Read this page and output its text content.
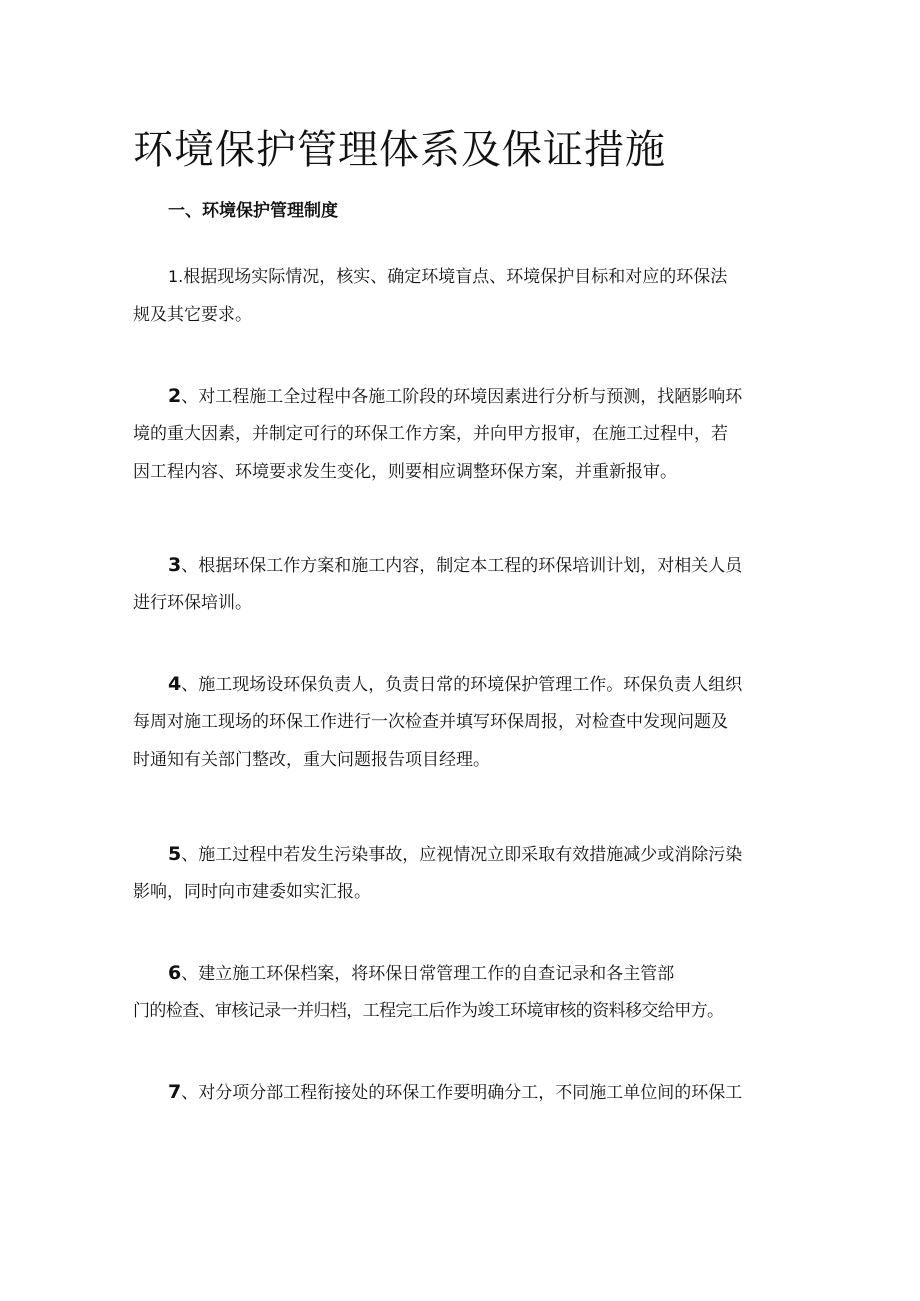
环境保护管理体系及保证措施
一、环境保护管理制度
1.根据现场实际情况，核实、确定环境盲点、环境保护目标和对应的环保法
规及其它要求。
2、对工程施工全过程中各施工阶段的环境因素进行分析与预测，找陋影响环
境的重大因素，并制定可行的环保工作方案，并向甲方报审，在施工过程中，若
因工程内容、环境要求发生变化，则要相应调整环保方案，并重新报审。
3、根据环保工作方案和施工内容，制定本工程的环保培训计划，对相关人员
进行环保培训。
4、施工现场设环保负责人，负责日常的环境保护管理工作。环保负责人组织
每周对施工现场的环保工作进行一次检查并填写环保周报，对检查中发现问题及
时通知有关部门整改，重大问题报告项目经理。
5、施工过程中若发生污染事故，应视情况立即采取有效措施减少或消除污染
影响，同时向市建委如实汇报。
6、建立施工环保档案，将环保日常管理工作的自查记录和各主管部
门的检查、审核记录一并归档，工程完工后作为竣工环境审核的资料移交给甲方。
7、对分项分部工程衔接处的环保工作要明确分工，不同施工单位间的环保工
